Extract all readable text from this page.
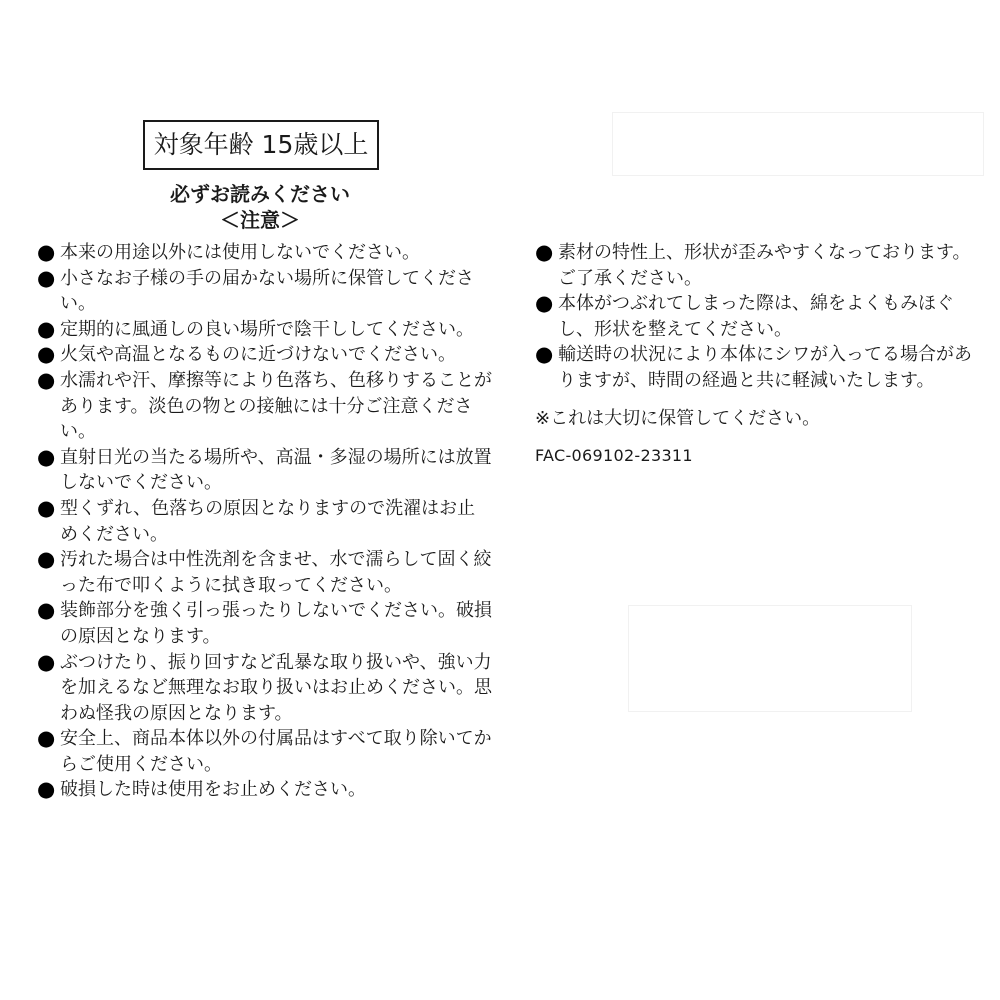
対象年齢 15歳以上
必ずお読みください
＜注意＞
● 本来の用途以外には使用しないでください。
● 小さなお子様の手の届かない場所に保管してください。
● 定期的に風通しの良い場所で陰干ししてください。
● 火気や高温となるものに近づけないでください。
● 水濡れや汗、摩擦等により色落ち、色移りすることがあります。淡色の物との接触には十分ご注意ください。
● 直射日光の当たる場所や、高温・多湿の場所には放置しないでください。
● 型くずれ、色落ちの原因となりますので洗濯はお止めください。
● 汚れた場合は中性洗剤を含ませ、水で濡らして固く絞った布で叩くように拭き取ってください。
● 装飾部分を強く引っ張ったりしないでください。破損の原因となります。
● ぶつけたり、振り回すなど乱暴な取り扱いや、強い力を加えるなど無理なお取り扱いはお止めください。思わぬ怪我の原因となります。
● 安全上、商品本体以外の付属品はすべて取り除いてからご使用ください。
● 破損した時は使用をお止めください。
● 素材の特性上、形状が歪みやすくなっております。ご了承ください。
● 本体がつぶれてしまった際は、綿をよくもみほぐし、形状を整えてください。
● 輸送時の状況により本体にシワが入ってる場合がありますが、時間の経過と共に軽減いたします。
※これは大切に保管してください。
FAC-069102-23311
